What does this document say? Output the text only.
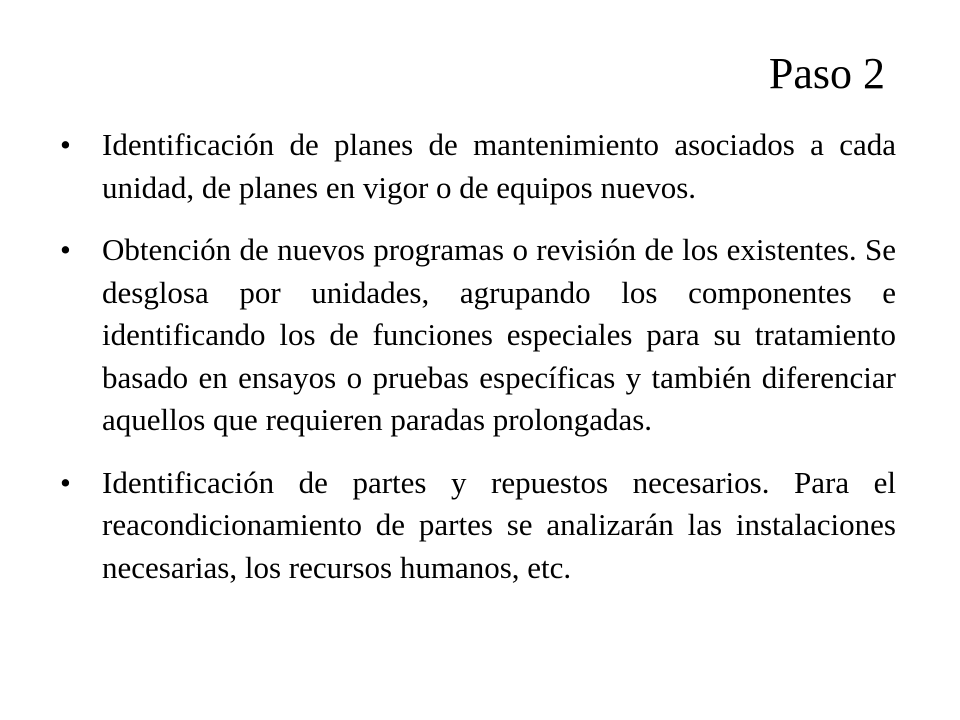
Paso 2
• Identificación de planes de mantenimiento asociados a cada unidad, de planes en vigor o de equipos nuevos.
• Obtención de nuevos programas o revisión de los existentes. Se desglosa por unidades, agrupando los componentes e identificando los de funciones especiales para su tratamiento basado en ensayos o pruebas específicas y también diferenciar aquellos que requieren paradas prolongadas.
• Identificación de partes y repuestos necesarios. Para el reacondicionamiento de partes se analizarán las instalaciones necesarias, los recursos humanos, etc.
